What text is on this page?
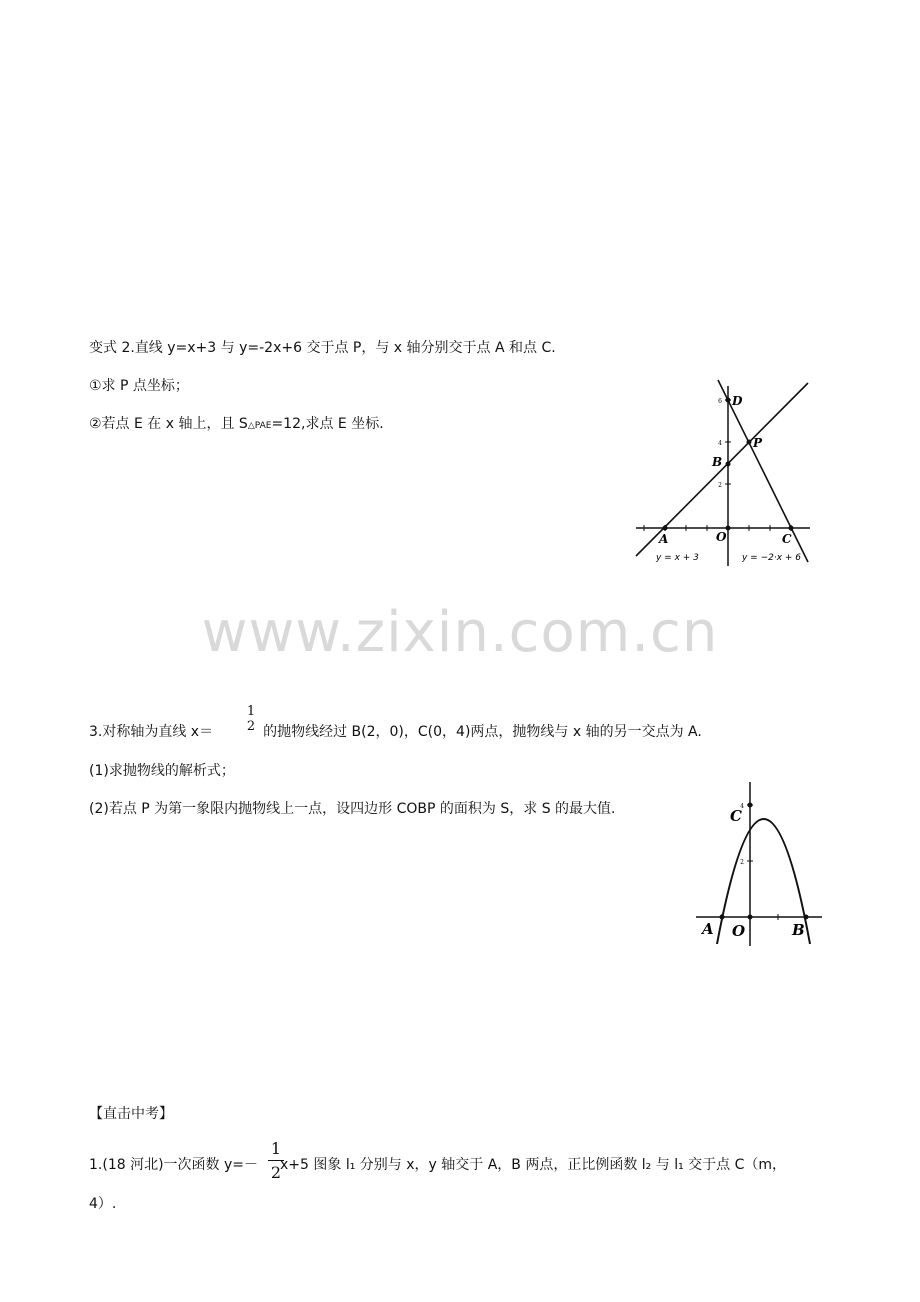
www.zixin.com.cn
变式 2.直线 y=x+3 与 y=-2x+6 交于点 P，与 x 轴分别交于点 A 和点 C.
①求 P 点坐标；
②若点 E 在 x 轴上，且 S△PAE=12,求点 E 坐标.
6
4
2
D
P
B
A	O	C
y = x + 3	y = −2·x + 6
1
2
3.对称轴为直线 x＝	的抛物线经过 B(2，0)，C(0，4)两点，抛物线与 x 轴的另一交点为 A.
(1)求抛物线的解析式；
(2)若点 P 为第一象限内抛物线上一点，设四边形 COBP 的面积为 S，求 S 的最大值.	4
2
C
A O	B
【直击中考】
1
2
1.(18 河北)一次函数 y=－ x+5 图象 l₁ 分别与 x，y 轴交于 A，B 两点，正比例函数 l₂ 与 l₁ 交于点 C（m，
4）.
